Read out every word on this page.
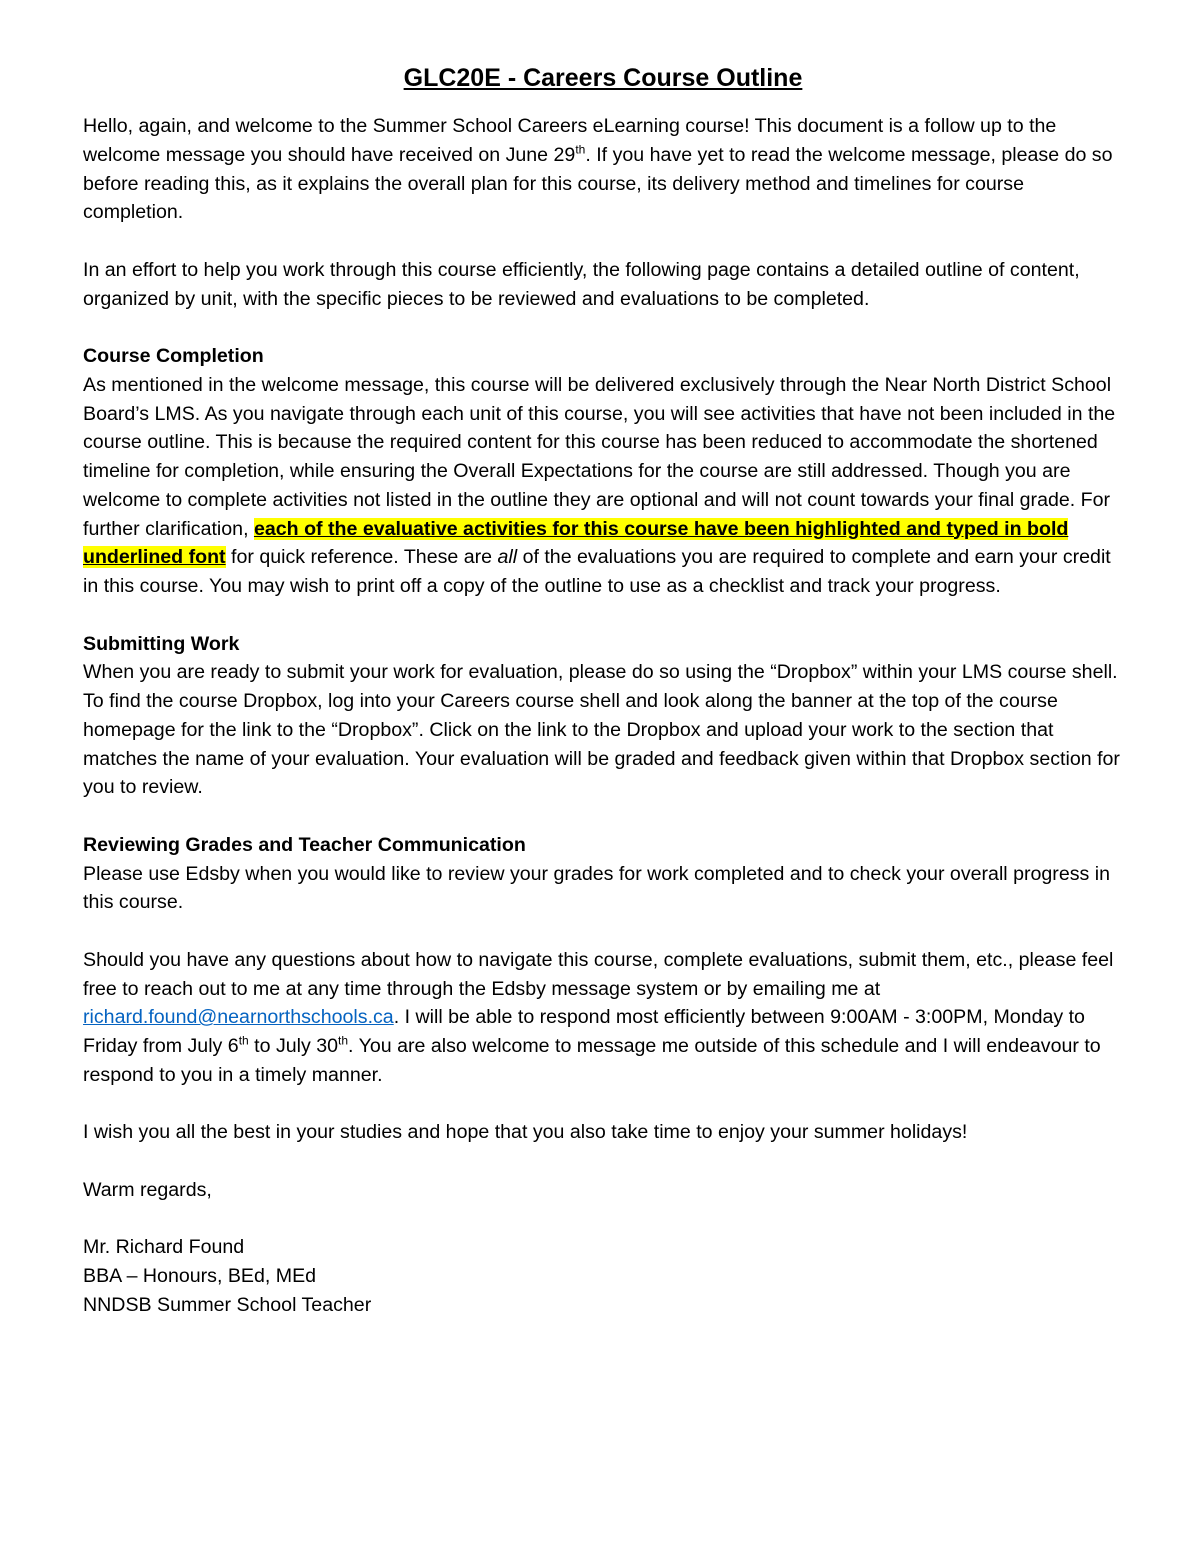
GLC20E - Careers Course Outline

Hello, again, and welcome to the Summer School Careers eLearning course! This document is a follow up to the welcome message you should have received on June 29th. If you have yet to read the welcome message, please do so before reading this, as it explains the overall plan for this course, its delivery method and timelines for course completion.

In an effort to help you work through this course efficiently, the following page contains a detailed outline of content, organized by unit, with the specific pieces to be reviewed and evaluations to be completed.

Course Completion

As mentioned in the welcome message, this course will be delivered exclusively through the Near North District School Board’s LMS. As you navigate through each unit of this course, you will see activities that have not been included in the course outline. This is because the required content for this course has been reduced to accommodate the shortened timeline for completion, while ensuring the Overall Expectations for the course are still addressed. Though you are welcome to complete activities not listed in the outline they are optional and will not count towards your final grade. For further clarification, each of the evaluative activities for this course have been highlighted and typed in bold underlined font for quick reference. These are all of the evaluations you are required to complete and earn your credit in this course. You may wish to print off a copy of the outline to use as a checklist and track your progress.

Submitting Work

When you are ready to submit your work for evaluation, please do so using the “Dropbox” within your LMS course shell. To find the course Dropbox, log into your Careers course shell and look along the banner at the top of the course homepage for the link to the “Dropbox”. Click on the link to the Dropbox and upload your work to the section that matches the name of your evaluation. Your evaluation will be graded and feedback given within that Dropbox section for you to review.

Reviewing Grades and Teacher Communication

Please use Edsby when you would like to review your grades for work completed and to check your overall progress in this course.

Should you have any questions about how to navigate this course, complete evaluations, submit them, etc., please feel free to reach out to me at any time through the Edsby message system or by emailing me at richard.found@nearnorthschools.ca. I will be able to respond most efficiently between 9:00AM - 3:00PM, Monday to Friday from July 6th to July 30th. You are also welcome to message me outside of this schedule and I will endeavour to respond to you in a timely manner.

I wish you all the best in your studies and hope that you also take time to enjoy your summer holidays!

Warm regards,

Mr. Richard Found

BBA – Honours, BEd, MEd

NNDSB Summer School Teacher
